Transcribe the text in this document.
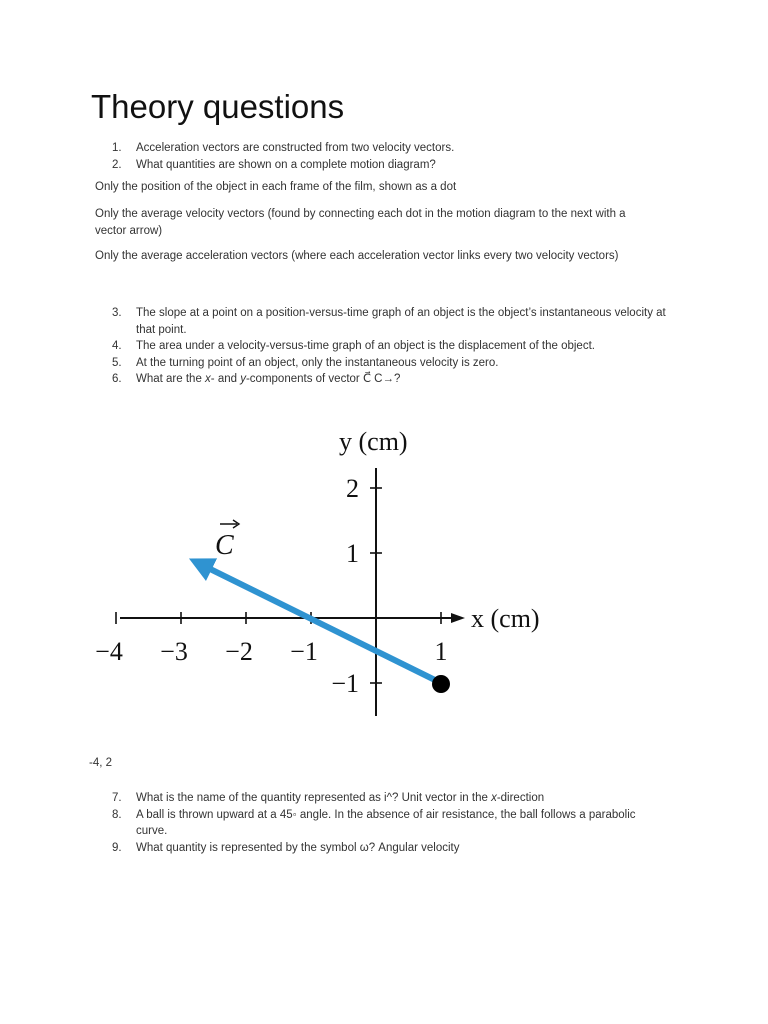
Theory questions
1. Acceleration vectors are constructed from two velocity vectors.
2. What quantities are shown on a complete motion diagram?

Only the position of the object in each frame of the film, shown as a dot

Only the average velocity vectors (found by connecting each dot in the motion diagram to the next with a vector arrow)

Only the average acceleration vectors (where each acceleration vector links every two velocity vectors)

3. The slope at a point on a position-versus-time graph of an object is the object’s instantaneous velocity at that point.
4. The area under a velocity-versus-time graph of an object is the displacement of the object.
5. At the turning point of an object, only the instantaneous velocity is zero.
6. What are the x- and y-components of vector C⃗ C→?
−4 −3 −2 −1	1
2
1
−1
y (cm)
x (cm)
C

-4, 2

7. What is the name of the quantity represented as i^? Unit vector in the x-direction
8. A ball is thrown upward at a 45◦ angle. In the absence of air resistance, the ball follows a parabolic curve.
9. What quantity is represented by the symbol ω? Angular velocity
